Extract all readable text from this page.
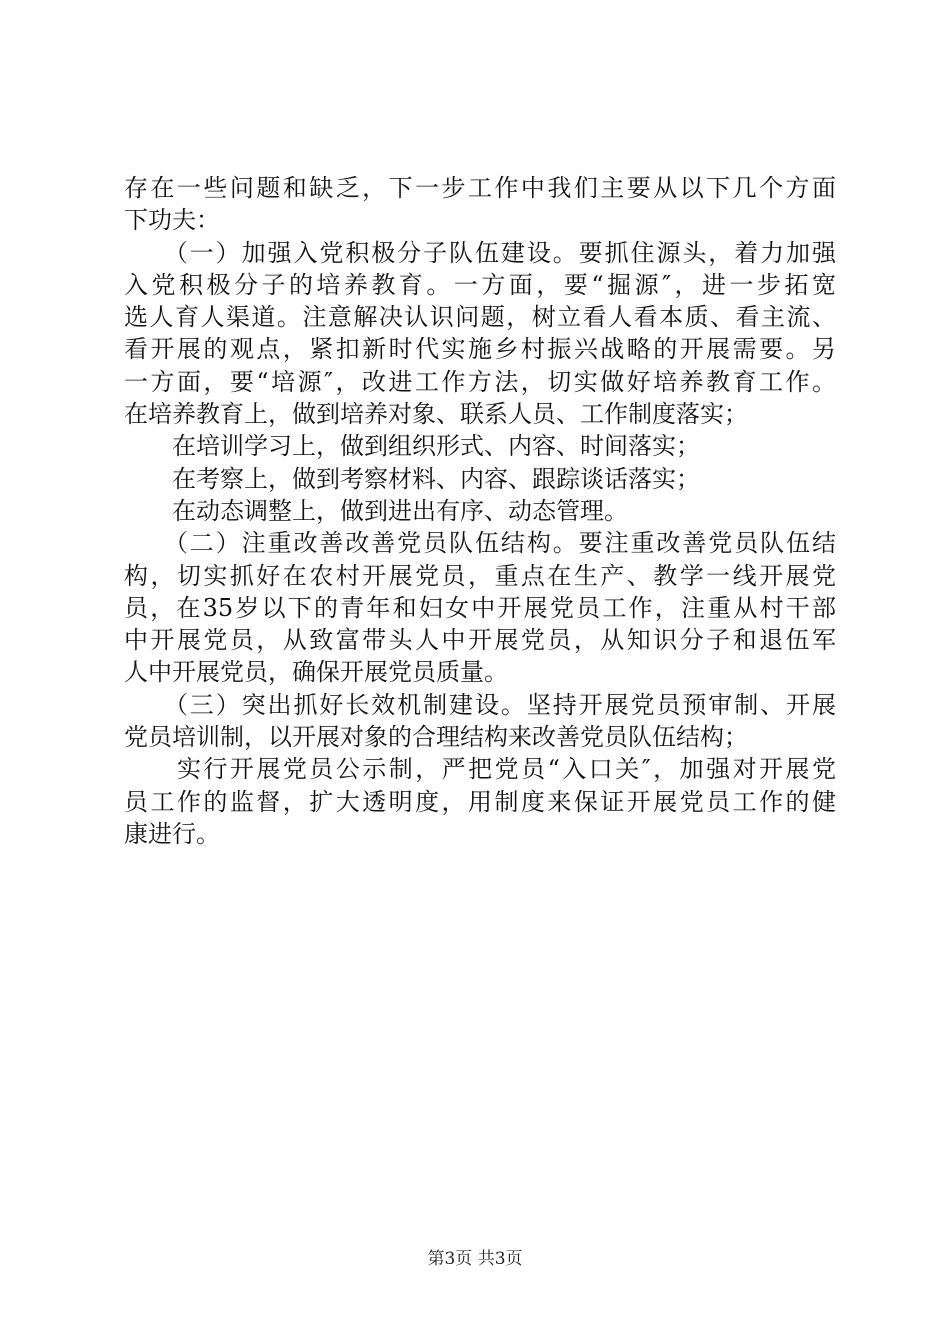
存在一些问题和缺乏，下一步工作中我们主要从以下几个方面
下功夫：
　　（一）加强入党积极分子队伍建设。要抓住源头，着力加强
入党积极分子的培养教育。一方面，要“掘源″，进一步拓宽
选人育人渠道。注意解决认识问题，树立看人看本质、看主流、
看开展的观点，紧扣新时代实施乡村振兴战略的开展需要。另
一方面，要“培源″，改进工作方法，切实做好培养教育工作。
在培养教育上，做到培养对象、联系人员、工作制度落实；
　　在培训学习上，做到组织形式、内容、时间落实；
　　在考察上，做到考察材料、内容、跟踪谈话落实；
　　在动态调整上，做到进出有序、动态管理。
　　（二）注重改善改善党员队伍结构。要注重改善党员队伍结
构，切实抓好在农村开展党员，重点在生产、教学一线开展党
员，在35岁以下的青年和妇女中开展党员工作，注重从村干部
中开展党员，从致富带头人中开展党员，从知识分子和退伍军
人中开展党员，确保开展党员质量。
　　（三）突出抓好长效机制建设。坚持开展党员预审制、开展
党员培训制，以开展对象的合理结构来改善党员队伍结构；
　　实行开展党员公示制，严把党员“入口关″，加强对开展党
员工作的监督，扩大透明度，用制度来保证开展党员工作的健
康进行。
第3页 共3页
